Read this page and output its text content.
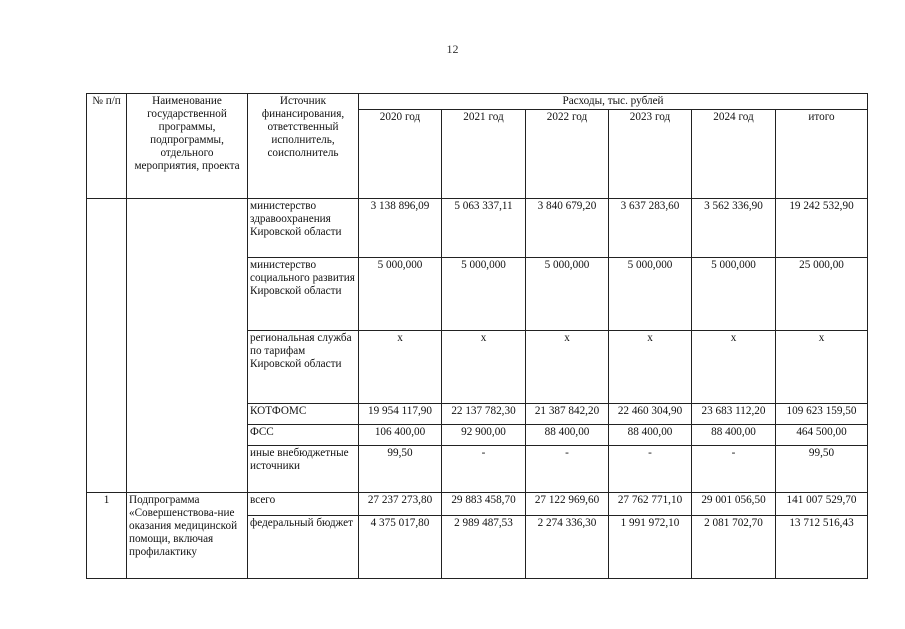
12
№ п/п	Наименование государственной программы, подпрограммы, отдельного мероприятия, проекта	Источник финансирования, ответственный исполнитель, соисполнитель	Расходы, тыс. рублей					
			2020 год	2021 год	2022 год	2023 год	2024 год	итого
		министерство здравоохранения Кировской области	3 138 896,09	5 063 337,11	3 840 679,20	3 637 283,60	3 562 336,90	19 242 532,90
		министерство социального развития Кировской области	5 000,000	5 000,000	5 000,000	5 000,000	5 000,000	25 000,00
		региональная служба по тарифам Кировской области	х	х	х	х	х	х
		КОТФОМС	19 954 117,90	22 137 782,30	21 387 842,20	22 460 304,90	23 683 112,20	109 623 159,50
		ФСС	106 400,00	92 900,00	88 400,00	88 400,00	88 400,00	464 500,00
		иные внебюджетные источники	99,50	-	-	-	-	99,50
1	Подпрограмма «Совершенствова-ние оказания медицинской помощи, включая профилактику	всего	27 237 273,80	29 883 458,70	27 122 969,60	27 762 771,10	29 001 056,50	141 007 529,70
		федеральный бюджет	4 375 017,80	2 989 487,53	2 274 336,30	1 991 972,10	2 081 702,70	13 712 516,43
